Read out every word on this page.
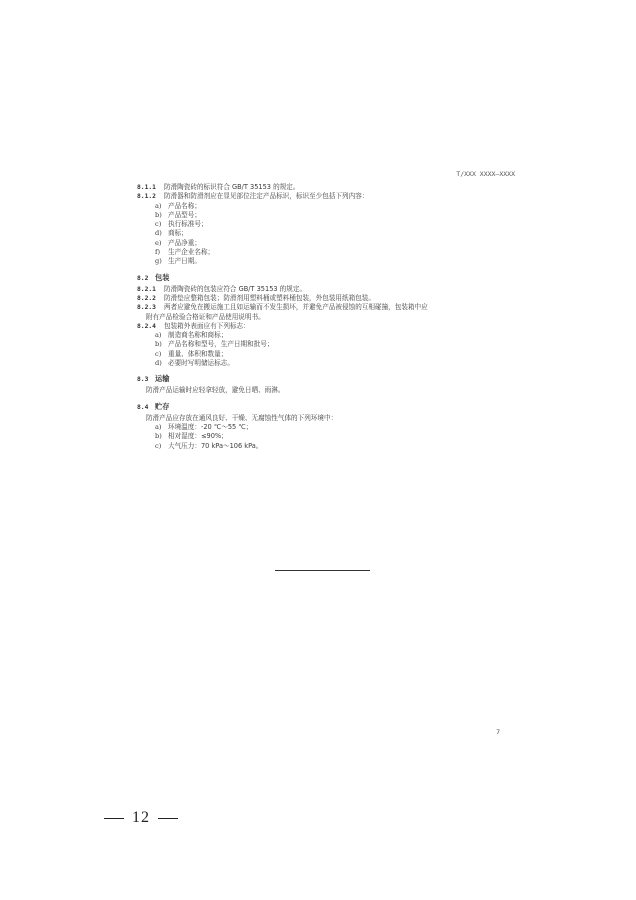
T/XXX XXXX—XXXX
8.1.1 防滑陶瓷砖的标识符合 GB/T 35153 的规定。
8.1.2 防滑器和防滑剂应在显见部位注定产品标识，标识至少包括下列内容：
a) 产品名称；
b) 产品型号；
c) 执行标准号；
d) 商标；
e) 产品净重；
f) 生产企业名称；
g) 生产日期。
8.2 包装
8.2.1 防滑陶瓷砖的包装应符合 GB/T 35153 的规定。
8.2.2 防滑垫应整箱包装；防滑剂用塑料桶或塑料桶包装，外包装用纸箱包装。
8.2.3 两者应避免在搬运施工且如运输而不发生损坏，并避免产品被侵蚀的互相碰撞，包装箱中应
附有产品检验合格证和产品使用说明书。
8.2.4 包装箱外表面应有下列标志：
a) 制造商名称和商标；
b) 产品名称和型号，生产日期和批号；
c) 重量、体积和数量；
d) 必要时写明储运标志。
8.3 运输
防滑产品运输时应轻拿轻放，避免日晒、雨淋。
8.4 贮存
防滑产品应存放在通风良好、干燥、无腐蚀性气体的下列环境中：
a) 环境温度：-20 ℃～55 ℃；
b) 相对湿度：≤90%；
c) 大气压力：70 kPa～106 kPa。
7
12
